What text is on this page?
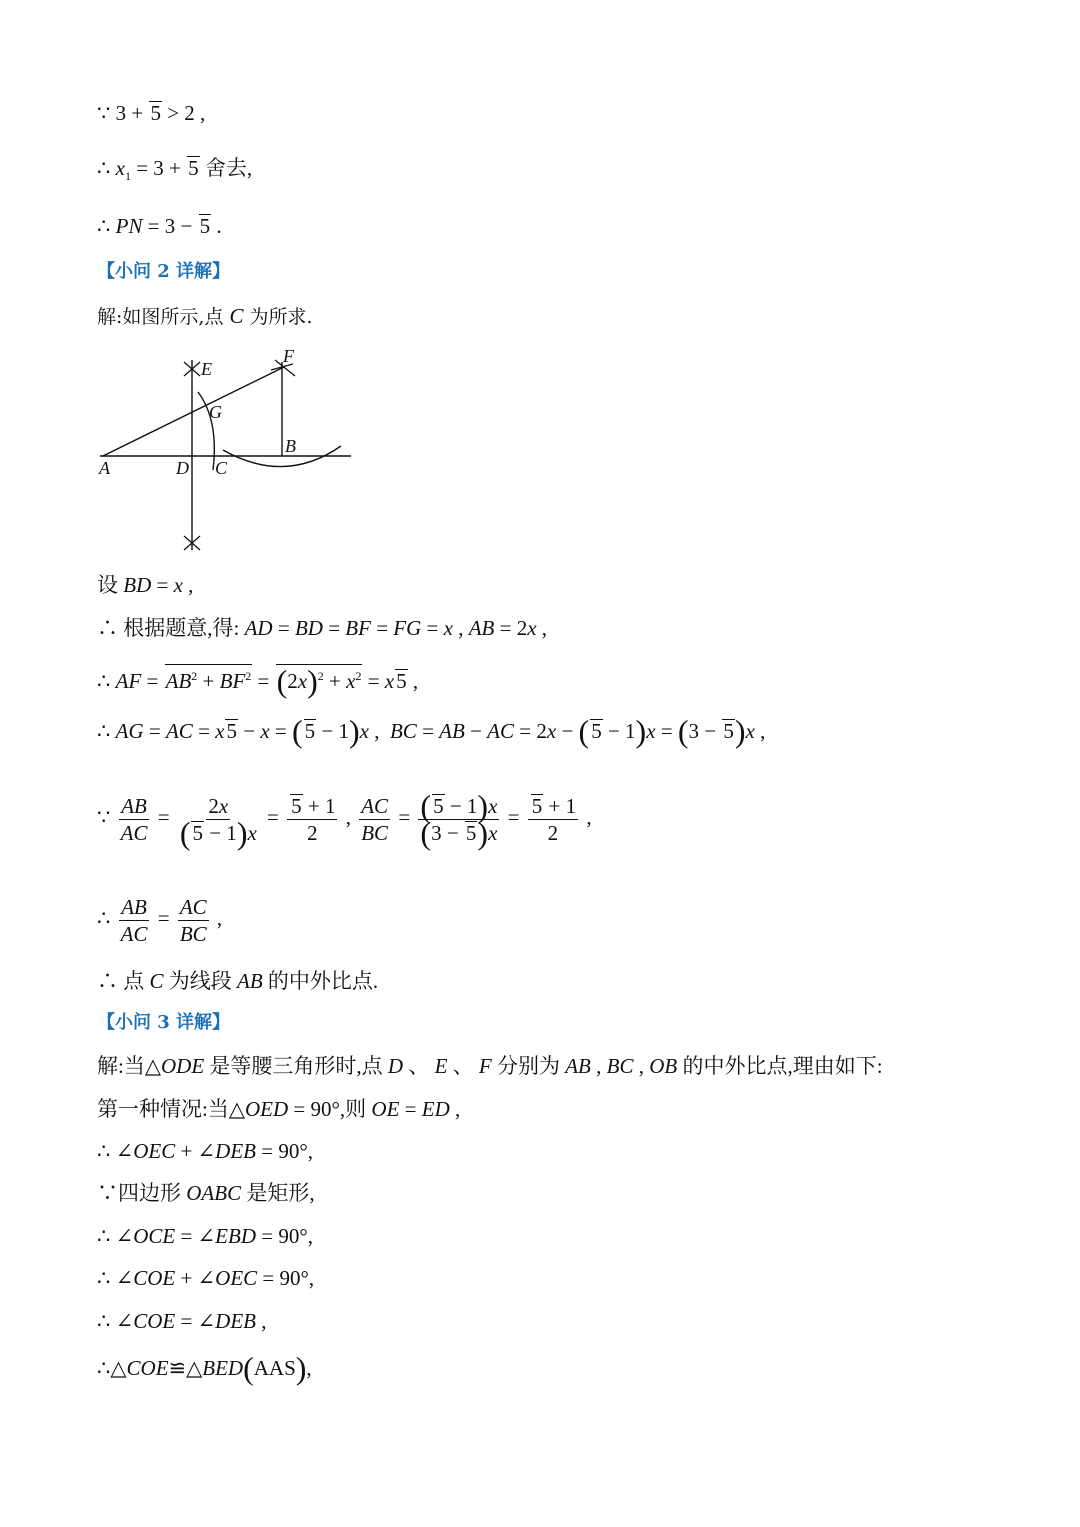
∵ 3 + 5 > 2 ,
∴ $x_1 = 3 + 5$ 舍去,
∴ PN = 3 − 5 .
【小问 2 详解】
解:如图所示,点 C 为所求.
A	D C
B
E
F
G
设 BD = x ,
∴ 根据题意,得: AD = BD = BF = FG = x , AB = 2x ,
∴ AF = $AB^2 + BF^2 = (2x)^2 + x^2 = x5$ ,
∴ AG = AC = x5 − x = (5 − 1)x ,  BC = AB − AC = 2x − (5 − 1)x = (3 − 5)x ,
∵ $\frac{AB}{AC} = \frac{2x}{(5 - 1)x} = \frac{5 + 1}{2}$ , $\frac{AC}{BC} = \frac{(5 - 1)x}{(3 - 5)x} = \frac{5 + 1}{2}$ ,
∴ $\frac{AB}{AC} = \frac{AC}{BC}$ ,
∴ 点 C 为线段 AB 的中外比点.
【小问 3 详解】
解:当△ODE 是等腰三角形时,点 D 、 E 、 F 分别为 AB , BC , OB 的中外比点,理由如下:
第一种情况:当△OED = 90°,则 OE = ED ,
∴ ∠OEC + ∠DEB = 90°,
∵四边形 OABC 是矩形,
∴ ∠OCE = ∠EBD = 90°,
∴ ∠COE + ∠OEC = 90°,
∴ ∠COE = ∠DEB ,
∴△COE≌△BED(AAS),
